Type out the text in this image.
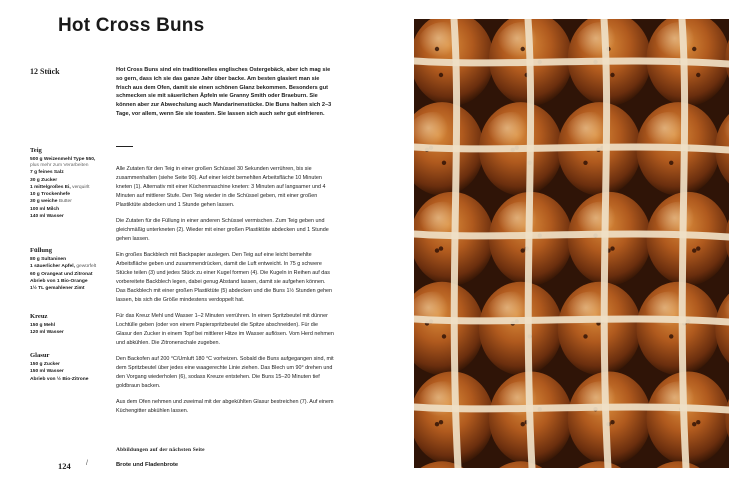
Hot Cross Buns
12 Stück	Hot Cross Buns sind ein traditionelles englisches Ostergebäck, aber ich mag sie so gern, dass ich sie das ganze Jahr über backe. Am besten glasiert man sie frisch aus dem Ofen, damit sie einen schönen Glanz bekommen. Besonders gut schmecken sie mit säuerlichen Äpfeln wie Granny Smith oder Braeburn. Sie können aber zur Abwechslung auch Mandarinenstücke. Die Buns halten sich 2–3 Tage, vor allem, wenn Sie sie toasten. Sie lassen sich auch sehr gut einfrieren.

Teig
500 g Weizenmehl Type 550,
plus mehr zum Verarbeiten
7 g feines Salz
30 g Zucker
1 mittelgroßes Ei, verquirlt
10 g Trockenhefe
30 g weiche Butter
100 ml Milch
140 ml Wasser
Füllung
80 g Sultaninen
1 säuerlicher Apfel, gewürfelt
60 g Orangeat und Zitronat
Abrieb von 1 Bio-Orange
1½ TL gemahlener Zimt
Kreuz
150 g Mehl
120 ml Wasser
Glasur
150 g Zucker
150 ml Wasser
Abrieb von ½ Bio-Zitrone

Alle Zutaten für den Teig in einer großen Schüssel 30 Sekunden verrühren, bis sie zusammenhalten (siehe Seite 90). Auf einer leicht bemehlten Arbeitsfläche 10 Minuten kneten (1). Alternativ mit einer Küchenmaschine kneten: 3 Minuten auf langsamer und 4 Minuten auf mittlerer Stufe. Den Teig wieder in die Schüssel geben, mit einer großen Plastiktüte abdecken und 1 Stunde gehen lassen.

Die Zutaten für die Füllung in einer anderen Schüssel vermischen. Zum Teig geben und gleichmäßig unterkneten (2). Wieder mit einer großen Plastiktüte abdecken und 1 Stunde gehen lassen.

Ein großes Backblech mit Backpapier auslegen. Den Teig auf eine leicht bemehlte Arbeitsfläche geben und zusammendrücken, damit die Luft entweicht. In 75 g schwere Stücke teilen (3) und jedes Stück zu einer Kugel formen (4). Die Kugeln in Reihen auf das vorbereitete Backblech legen, dabei genug Abstand lassen, damit sie aufgehen können. Das Backblech mit einer großen Plastiktüte (5) abdecken und die Buns 1½ Stunden gehen lassen, bis sich die Größe mindestens verdoppelt hat.

Für das Kreuz Mehl und Wasser 1–2 Minuten verrühren. In einen Spritzbeutel mit dünner Lochtülle geben (oder von einem Papierspritzbeutel die Spitze abschneiden). Für die Glasur den Zucker in einem Topf bei mittlerer Hitze im Wasser auflösen. Vom Herd nehmen und abkühlen. Die Zitronenschale zugeben.

Den Backofen auf 200 °C/Umluft 180 °C vorheizen. Sobald die Buns aufgegangen sind, mit dem Spritzbeutel über jedes eine waagerechte Linie ziehen. Das Blech um 90° drehen und den Vorgang wiederholen (6), sodass Kreuze entstehen. Die Buns 15–20 Minuten tief goldbraun backen.

Aus dem Ofen nehmen und zweimal mit der abgekühlten Glasur bestreichen (7). Auf einem Küchengitter abkühlen lassen.

Abbildungen auf der nächsten Seite
Brote und Fladenbrote
124 /
